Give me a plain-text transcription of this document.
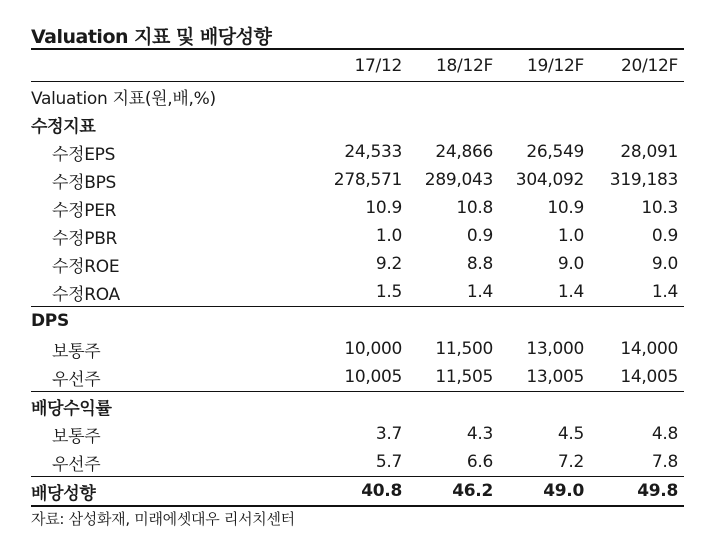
Valuation 지표 및 배당성향
	17/12	18/12F	19/12F	20/12F
Valuation 지표(원,배,%)				
수정지표				
수정EPS	24,533	24,866	26,549	28,091
수정BPS	278,571	289,043	304,092	319,183
수정PER	10.9	10.8	10.9	10.3
수정PBR	1.0	0.9	1.0	0.9
수정ROE	9.2	8.8	9.0	9.0
수정ROA	1.5	1.4	1.4	1.4
DPS				
보통주	10,000	11,500	13,000	14,000
우선주	10,005	11,505	13,005	14,005
배당수익률				
보통주	3.7	4.3	4.5	4.8
우선주	5.7	6.6	7.2	7.8
배당성향	40.8	46.2	49.0	49.8
자료: 삼성화재, 미래에셋대우 리서치센터
